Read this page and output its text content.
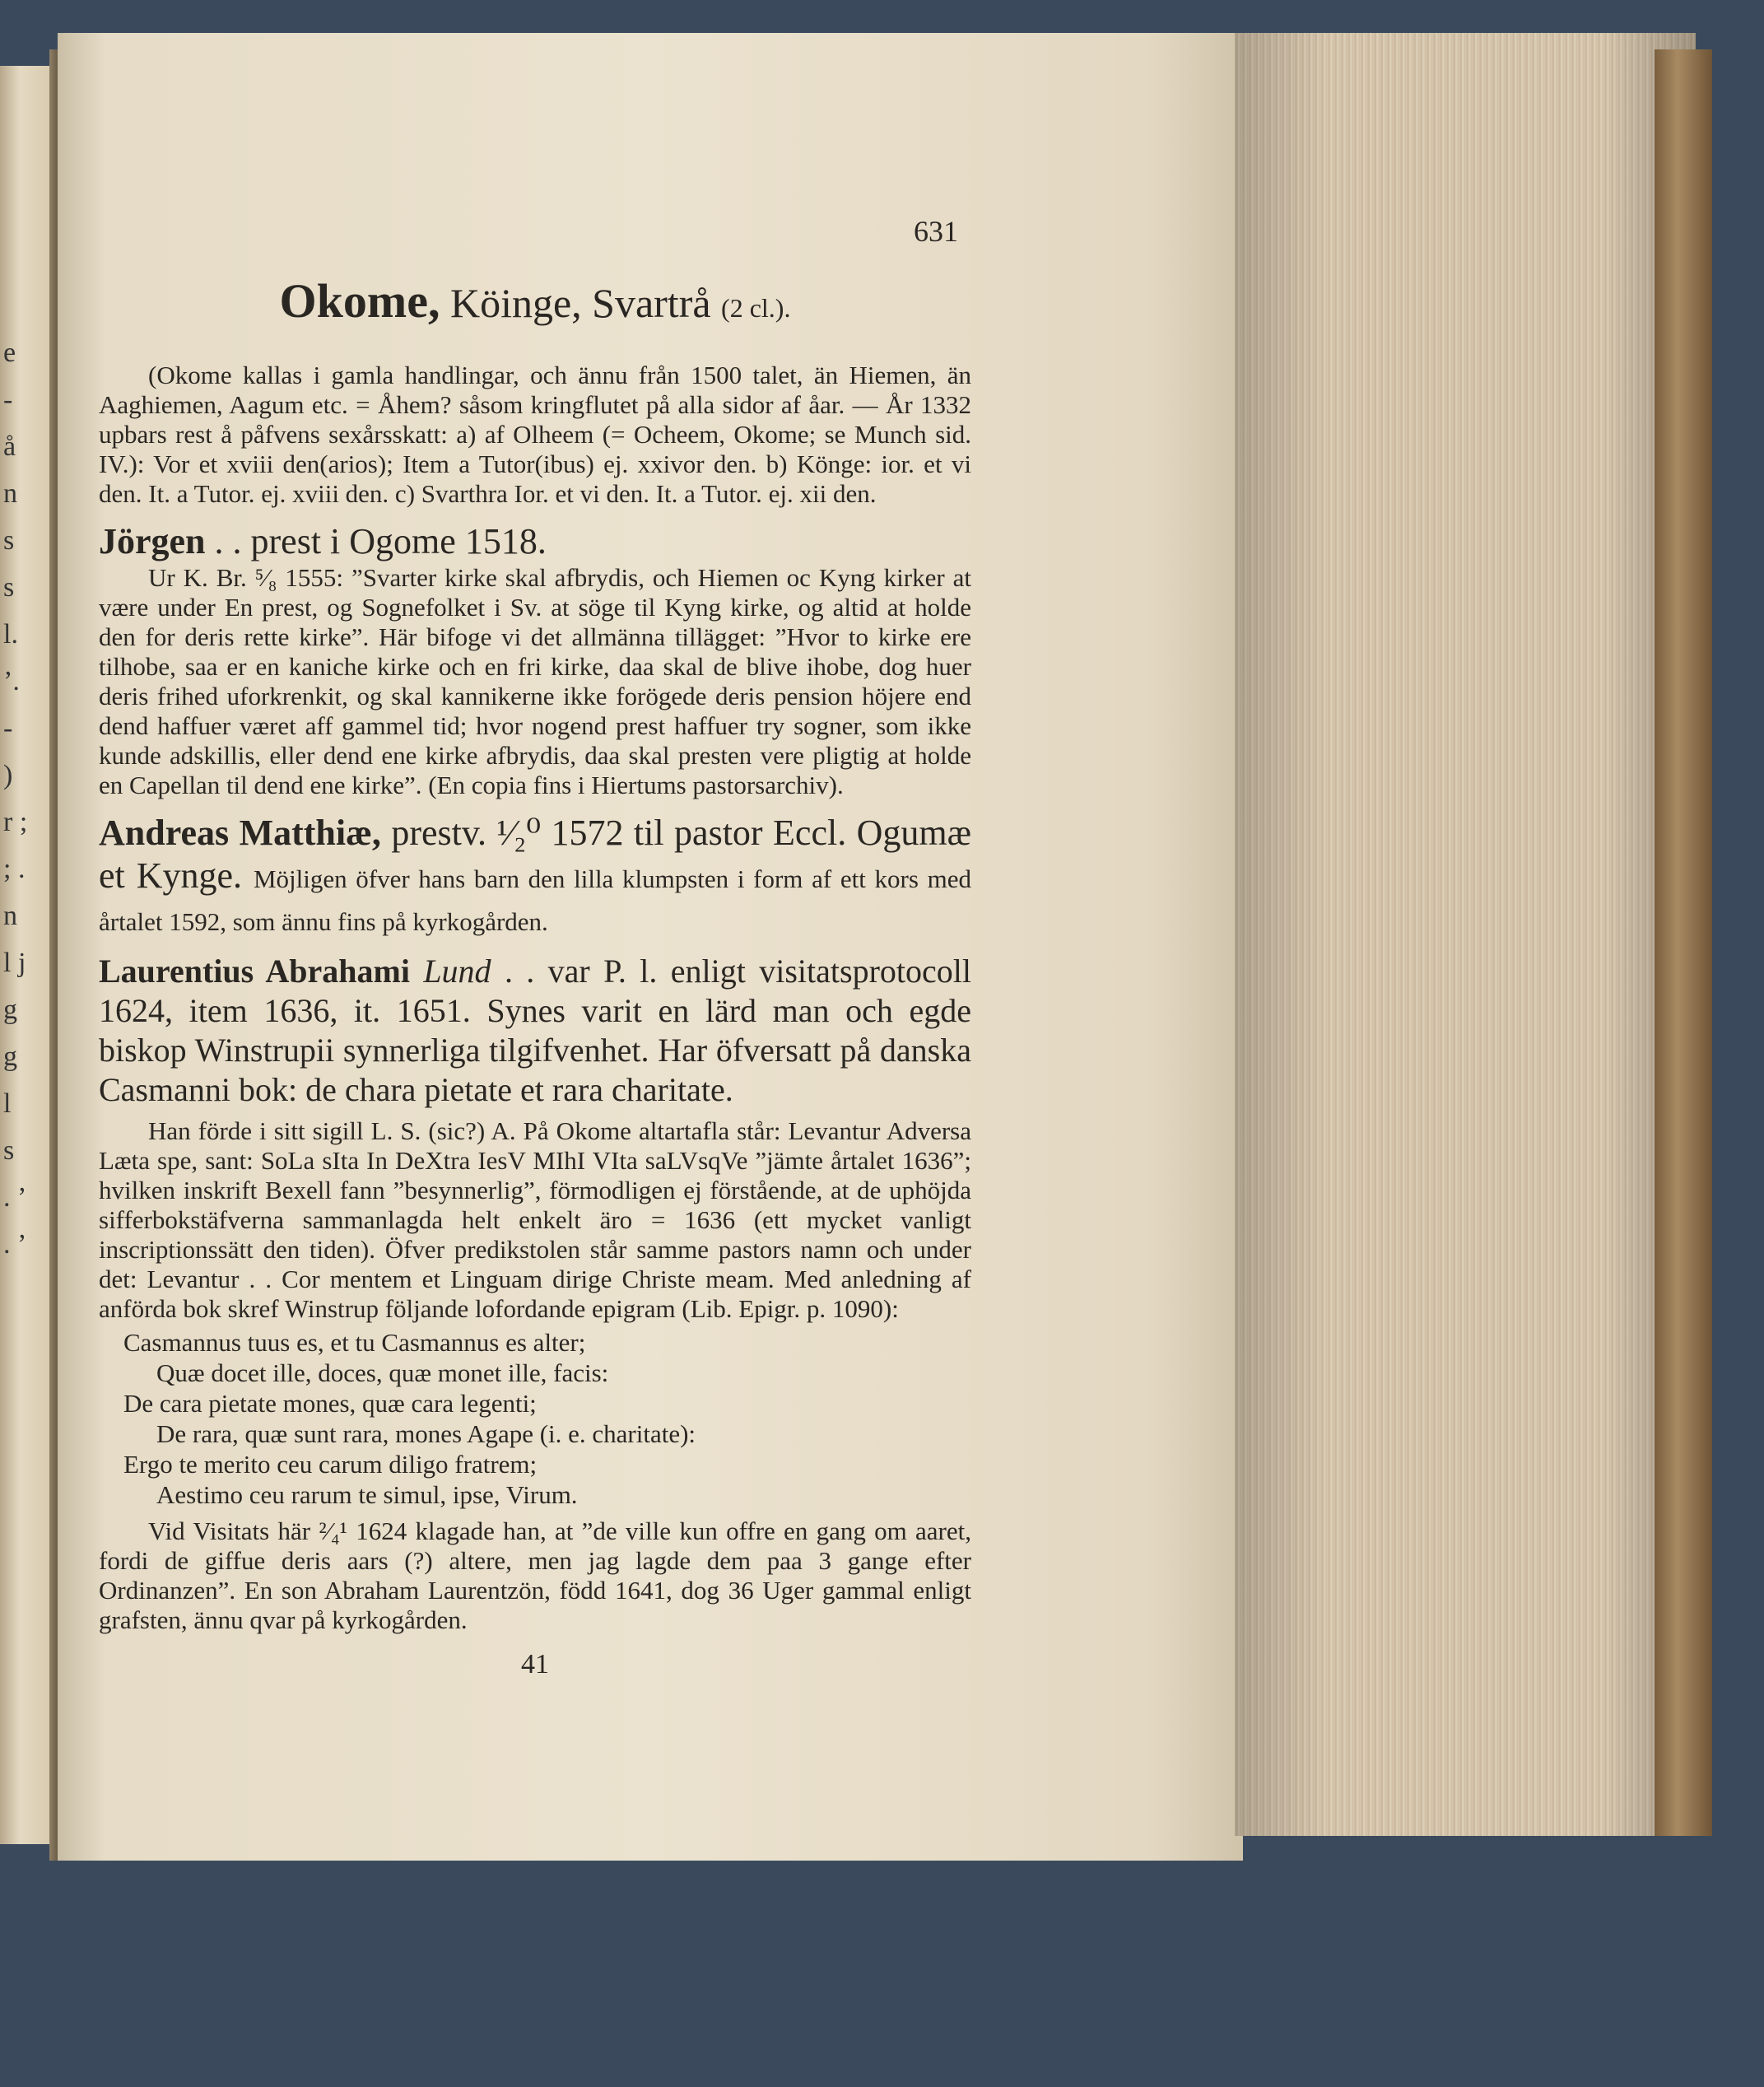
e - å n s s l. ’. - ) r ; ; . n l j g g l s . ’ . ’
631
Okome, Köinge, Svartrå (2 cl.).

(Okome kallas i gamla handlingar, och ännu från 1500 talet, än Hiemen, än Aaghiemen, Aagum etc. = Åhem? såsom kringflutet på alla sidor af åar. — År 1332 upbars rest å påfvens sexårsskatt: a) af Olheem (= Ocheem, Okome; se Munch sid. IV.): Vor et xviii den(arios); Item a Tutor(ibus) ej. xxivor den. b) Könge: ior. et vi den. It. a Tutor. ej. xviii den. c) Svarthra Ior. et vi den. It. a Tutor. ej. xii den.

Jörgen . . prest i Ogome 1518.

Ur K. Br. ⁵⁄₈ 1555: ”Svarter kirke skal afbrydis, och Hiemen oc Kyng kirker at være under En prest, og Sognefolket i Sv. at söge til Kyng kirke, og altid at holde den for deris rette kirke”. Här bifoge vi det allmänna tillägget: ”Hvor to kirke ere tilhobe, saa er en kaniche kirke och en fri kirke, daa skal de blive ihobe, dog huer deris frihed uforkrenkit, og skal kannikerne ikke forögede deris pension höjere end dend haffuer været aff gammel tid; hvor nogend prest haffuer try sogner, som ikke kunde adskillis, eller dend ene kirke afbrydis, daa skal presten vere pligtig at holde en Capellan til dend ene kirke”. (En copia fins i Hiertums pastorsarchiv).

Andreas Matthiæ, prestv. ¹⁄₂⁰ 1572 til pastor Eccl. Ogumæ et Kynge. Möjligen öfver hans barn den lilla klumpsten i form af ett kors med årtalet 1592, som ännu fins på kyrkogården.

Laurentius Abrahami Lund . . var P. l. enligt visitatsprotocoll 1624, item 1636, it. 1651. Synes varit en lärd man och egde biskop Winstrupii synnerliga tilgifvenhet. Har öfversatt på danska Casmanni bok: de chara pietate et rara charitate.

Han förde i sitt sigill L. S. (sic?) A. På Okome altartafla står: Levantur Adversa Læta spe, sant: SoLa sIta In DeXtra IesV MIhI VIta saLVsqVe ”jämte årtalet 1636”; hvilken inskrift Bexell fann ”besynnerlig”, förmodligen ej förstående, at de uphöjda sifferbokstäfverna sammanlagda helt enkelt äro = 1636 (ett mycket vanligt inscriptionssätt den tiden). Öfver predikstolen står samme pastors namn och under det: Levantur . . Cor mentem et Linguam dirige Christe meam. Med anledning af anförda bok skref Winstrup följande lofordande epigram (Lib. Epigr. p. 1090):

Casmannus tuus es, et tu Casmannus es alter;
Quæ docet ille, doces, quæ monet ille, facis:
De cara pietate mones, quæ cara legenti;
De rara, quæ sunt rara, mones Agape (i. e. charitate):
Ergo te merito ceu carum diligo fratrem;
Aestimo ceu rarum te simul, ipse, Virum.

Vid Visitats här ²⁄₄¹ 1624 klagade han, at ”de ville kun offre en gang om aaret, fordi de giffue deris aars (?) altere, men jag lagde dem paa 3 gange efter Ordinanzen”. En son Abraham Laurentzön, född 1641, dog 36 Uger gammal enligt grafsten, ännu qvar på kyrkogården.

41
